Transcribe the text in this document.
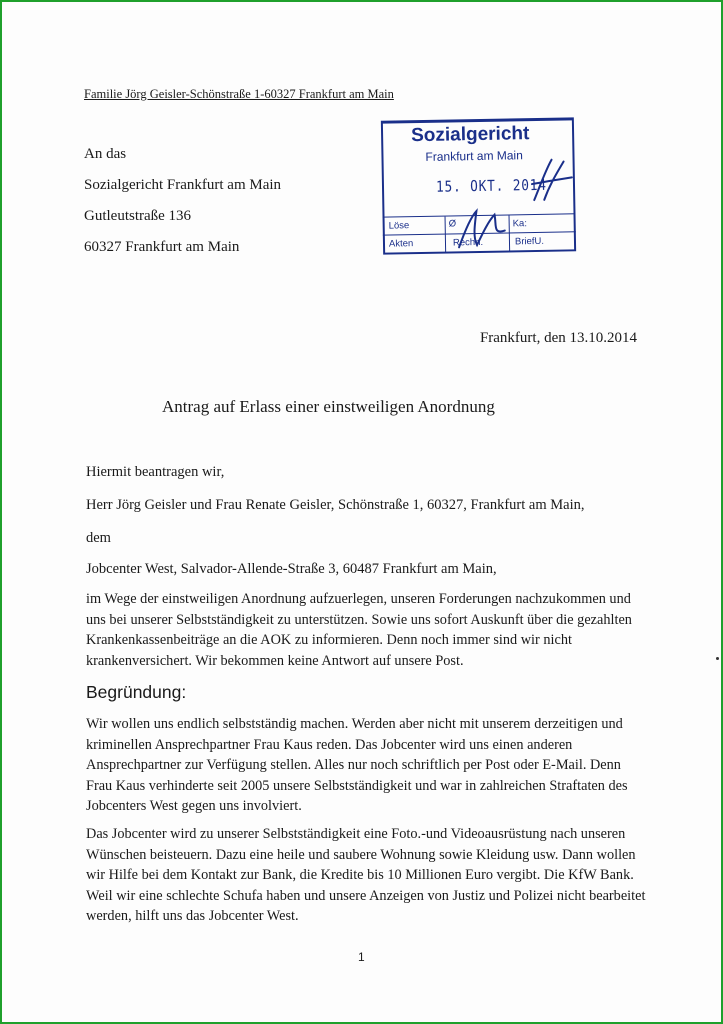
Familie Jörg Geisler-Schönstraße 1-60327 Frankfurt am Main

An das

Sozialgericht Frankfurt am Main

Gutleutstraße 136

60327 Frankfurt am Main

Sozialgericht
Frankfurt am Main
15. OKT. 2014
Löse	Ø	Ka:
Akten	Rechn.	BriefU.

Frankfurt, den 13.10.2014

Antrag auf Erlass einer einstweiligen Anordnung

Hiermit beantragen wir,

Herr Jörg Geisler und Frau Renate Geisler, Schönstraße 1, 60327, Frankfurt am Main,

dem

Jobcenter West, Salvador-Allende-Straße 3, 60487 Frankfurt am Main,

im Wege der einstweiligen Anordnung aufzuerlegen, unseren Forderungen nachzukommen und uns bei unserer Selbstständigkeit zu unterstützen. Sowie uns sofort Auskunft über die gezahlten Krankenkassenbeiträge an die AOK zu informieren. Denn noch immer sind wir nicht krankenversichert. Wir bekommen keine Antwort auf unsere Post.

Begründung:

Wir wollen uns endlich selbstständig machen. Werden aber nicht mit unserem derzeitigen und kriminellen Ansprechpartner Frau Kaus reden. Das Jobcenter wird uns einen anderen Ansprechpartner zur Verfügung stellen. Alles nur noch schriftlich per Post oder E-Mail. Denn Frau Kaus verhinderte seit 2005 unsere Selbstständigkeit und war in zahlreichen Straftaten des Jobcenters West gegen uns involviert.

Das Jobcenter wird zu unserer Selbstständigkeit eine Foto.-und Videoausrüstung nach unseren Wünschen beisteuern. Dazu eine heile und saubere Wohnung sowie Kleidung usw. Dann wollen wir Hilfe bei dem Kontakt zur Bank, die Kredite bis 10 Millionen Euro vergibt. Die KfW Bank. Weil wir eine schlechte Schufa haben und unsere Anzeigen von Justiz und Polizei nicht bearbeitet werden, hilft uns das Jobcenter West.

1
